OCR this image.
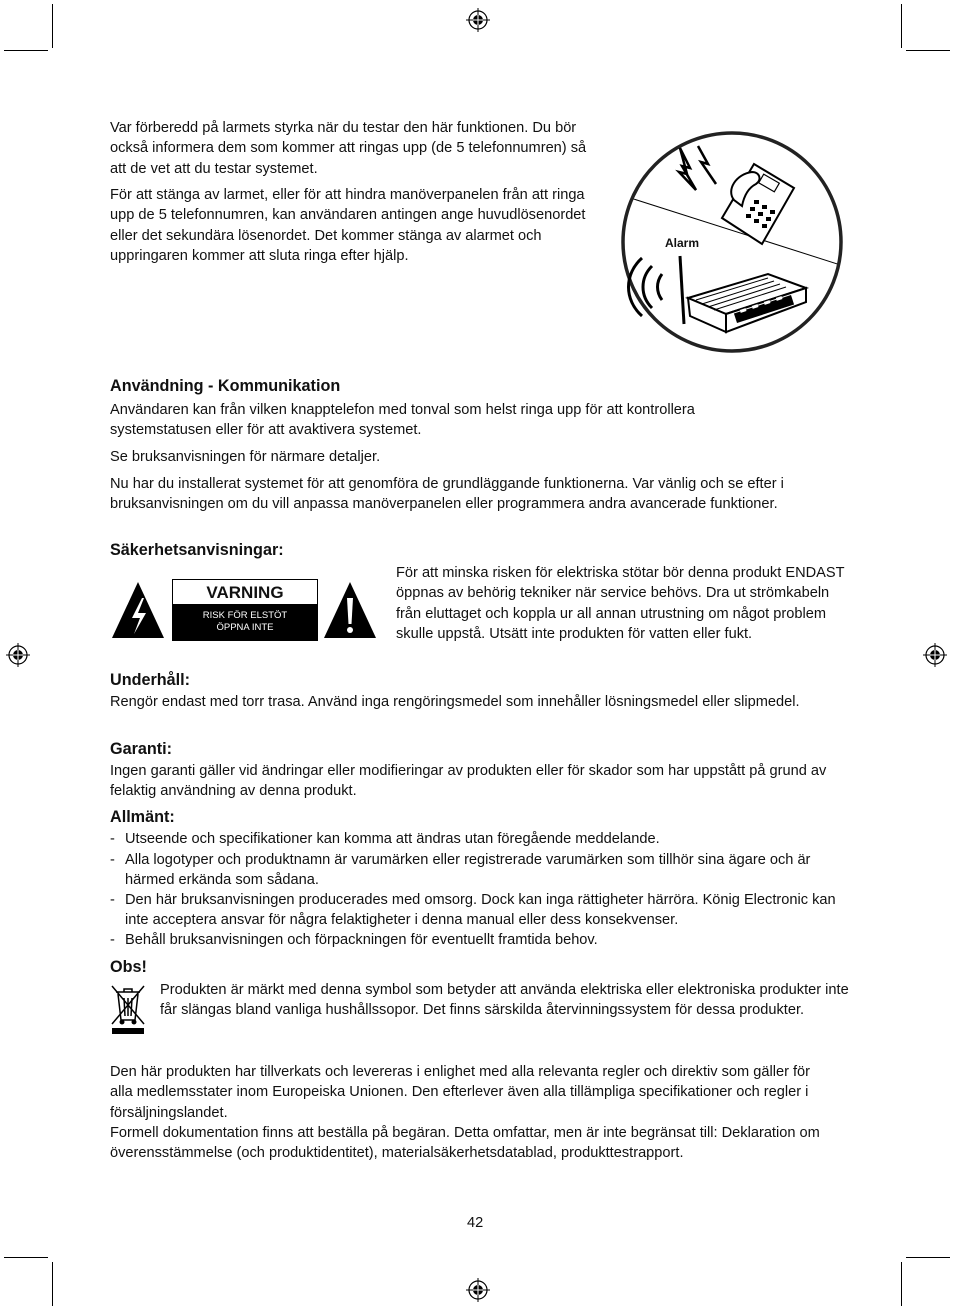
Var förberedd på larmets styrka när du testar den här funktionen. Du bör också informera dem som kommer att ringas upp (de 5 telefonnumren) så att de vet att du testar systemet.

För att stänga av larmet, eller för att hindra manöverpanelen från att ringa upp de 5 telefonnumren, kan användaren antingen ange huvudlösenordet eller det sekundära lösenordet. Det kommer stänga av alarmet och uppringaren kommer att sluta ringa efter hjälp.

Alarm
Användning - Kommunikation

Användaren kan från vilken knapptelefon med tonval som helst ringa upp för att kontrollera systemstatusen eller för att avaktivera systemet.

Se bruksanvisningen för närmare detaljer.

Nu har du installerat systemet för att genomföra de grundläggande funktionerna. Var vänlig och se efter i bruksanvisningen om du vill anpassa manöverpanelen eller programmera andra avancerade funktioner.

Säkerhetsanvisningar:
VARNING
RISK FÖR ELSTÖT
ÖPPNA INTE

För att minska risken för elektriska stötar bör denna produkt ENDAST öppnas av behörig tekniker när service behövs. Dra ut strömkabeln från eluttaget och koppla ur all annan utrustning om något problem skulle uppstå. Utsätt inte produkten för vatten eller fukt.

Underhåll:

Rengör endast med torr trasa. Använd inga rengöringsmedel som innehåller lösningsmedel eller slipmedel.

Garanti:

Ingen garanti gäller vid ändringar eller modifieringar av produkten eller för skador som har uppstått på grund av felaktig användning av denna produkt.

Allmänt:
- Utseende och specifikationer kan komma att ändras utan föregående meddelande.
- Alla logotyper och produktnamn är varumärken eller registrerade varumärken som tillhör sina ägare och är härmed erkända som sådana.
- Den här bruksanvisningen producerades med omsorg. Dock kan inga rättigheter härröra. König Electronic kan inte acceptera ansvar för några felaktigheter i denna manual eller dess konsekvenser.
- Behåll bruksanvisningen och förpackningen för eventuellt framtida behov.
Obs!

Produkten är märkt med denna symbol som betyder att använda elektriska eller elektroniska produkter inte får slängas bland vanliga hushållssopor. Det finns särskilda återvinningssystem för dessa produkter.

Den här produkten har tillverkats och levereras i enlighet med alla relevanta regler och direktiv som gäller för alla medlemsstater inom Europeiska Unionen. Den efterlever även alla tillämpliga specifikationer och regler i försäljningslandet.

Formell dokumentation finns att beställa på begäran. Detta omfattar, men är inte begränsat till: Deklaration om överensstämmelse (och produktidentitet), materialsäkerhetsdatablad, produkttestrapport.

42
